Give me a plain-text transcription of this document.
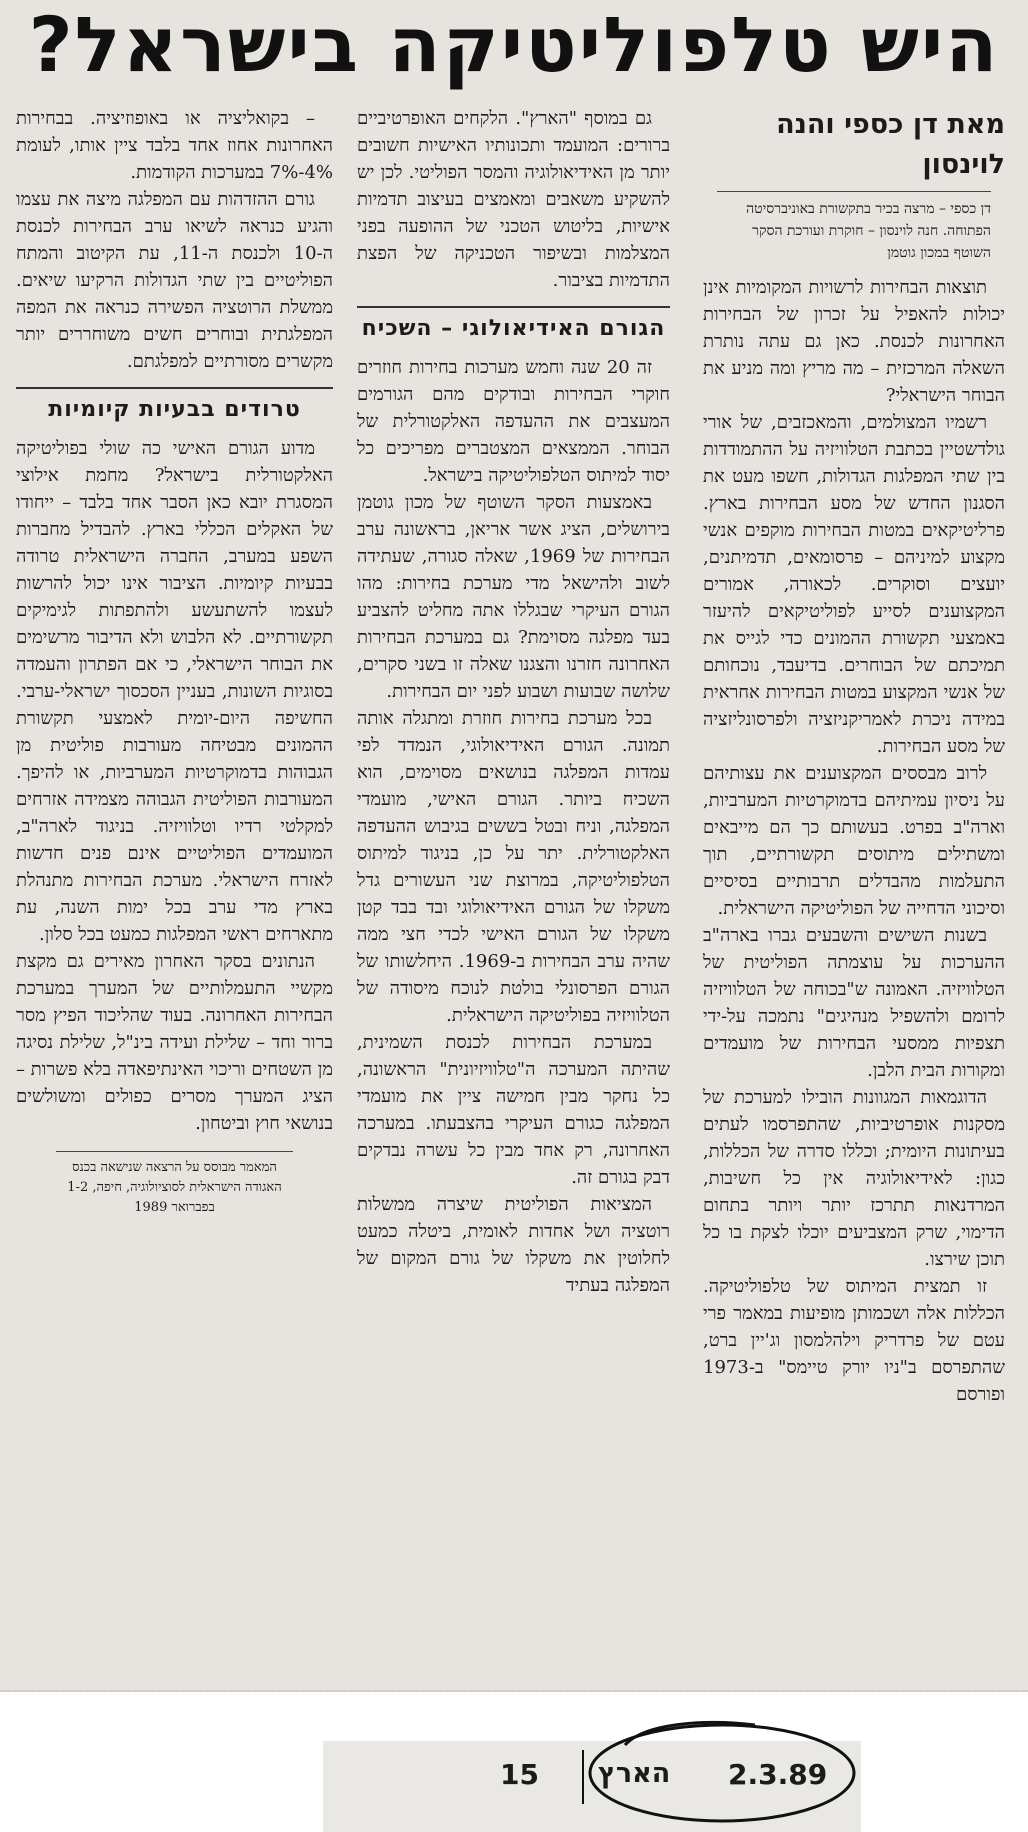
היש טלפוליטיקה בישראל?
מאת דן כספי והנה לוינסון
דן כספי – מרצה בכיר בתקשורת באוניברסיטה הפתוחה. חנה לוינסון – חוקרת ועורכת הסקר השוטף במכון גוטמן

תוצאות הבחירות לרשויות המקומיות אינן יכולות להאפיל על זכרון של הבחירות האחרונות לכנסת. כאן גם עתה נותרת השאלה המרכזית – מה מריץ ומה מניע את הבוחר הישראלי?

רשמיו המצולמים, והמאכזבים, של אורי גולדשטיין בכתבת הטלוויזיה על ההתמודדות בין שתי המפלגות הגדולות, חשפו מעט את הסגנון החדש של מסע הבחירות בארץ. פרליטיקאים במטות הבחירות מוקפים אנשי מקצוע למיניהם – פרסומאים, תדמיתנים, יועצים וסוקרים. לכאורה, אמורים המקצוענים לסייע לפוליטיקאים להיעזר באמצעי תקשורת ההמונים כדי לגייס את תמיכתם של הבוחרים. בדיעבד, נוכחותם של אנשי המקצוע במטות הבחירות אחראית במידה ניכרת לאמריקניזציה ולפרסונליזציה של מסע הבחירות.

לרוב מבססים המקצוענים את עצותיהם על ניסיון עמיתיהם בדמוקרטיות המערביות, וארה"ב בפרט. בעשותם כך הם מייבאים ומשתילים מיתוסים תקשורתיים, תוך התעלמות מהבדלים תרבותיים בסיסיים וסיכוני הדחייה של הפוליטיקה הישראלית.

בשנות השישים והשבעים גברו בארה"ב ההערכות על עוצמתה הפוליטית של הטלוויזיה. האמונה ש"בכוחה של הטלוויזיה לרומם ולהשפיל מנהיגים" נתמכה על-ידי תצפיות ממסעי הבחירות של מועמדים ומקורות הבית הלבן.

הדוגמאות המגוונות הובילו למערכת של מסקנות אופרטיביות, שהתפרסמו לעתים בעיתונות היומית; וכללו סדרה של הכללות, כגון: לאידיאולוגיה אין כל חשיבות, המרדנאות תתרכז יותר ויותר בתחום הדימוי, שרק המצביעים יוכלו לצקת בו כל תוכן שירצו.

זו תמצית המיתוס של טלפוליטיקה. הכללות אלה ושכמותן מופיעות במאמר פרי עטם של פרדריק וילהלמסון וג'יין ברט, שהתפרסם ב"ניו יורק טיימס" ב-1973 ופורסם

גם במוסף "הארץ". הלקחים האופרטיביים ברורים: המועמד ותכונותיו האישיות חשובים יותר מן האידיאולוגיה והמסר הפוליטי. לכן יש להשקיע משאבים ומאמצים בעיצוב תדמיות אישיות, בליטוש הטכני של ההופעה בפני המצלמות ובשיפור הטכניקה של הפצת התדמיות בציבור.

הגורם האידיאולוגי – השכיח

זה 20 שנה וחמש מערכות בחירות חוזרים חוקרי הבחירות ובודקים מהם הגורמים המעצבים את ההעדפה האלקטורלית של הבוחר. הממצאים המצטברים מפריכים כל יסוד למיתוס הטלפוליטיקה בישראל.

באמצעות הסקר השוטף של מכון גוטמן בירושלים, הציג אשר אריאן, בראשונה ערב הבחירות של 1969, שאלה סגורה, שעתידה לשוב ולהישאל מדי מערכת בחירות: מהו הגורם העיקרי שבגללו אתה מחליט להצביע בעד מפלגה מסוימת? גם במערכת הבחירות האחרונה חזרנו והצגנו שאלה זו בשני סקרים, שלושה שבועות ושבוע לפני יום הבחירות.

בכל מערכת בחירות חוזרת ומתגלה אותה תמונה. הגורם האידיאולוגי, הנמדד לפי עמדות המפלגה בנושאים מסוימים, הוא השכיח ביותר. הגורם האישי, מועמדי המפלגה, וניח ובטל בששים בגיבוש ההעדפה האלקטורלית. יתר על כן, בניגוד למיתוס הטלפוליטיקה, במרוצת שני העשורים גדל משקלו של הגורם האידיאולוגי ובד בבד קטן משקלו של הגורם האישי לכדי חצי ממה שהיה ערב הבחירות ב-1969. היחלשותו של הגורם הפרסונלי בולטת לנוכח מיסודה של הטלוויזיה בפוליטיקה הישראלית.

במערכת הבחירות לכנסת השמינית, שהיתה המערכה ה"טלוויזיונית" הראשונה, כל נחקר מבין חמישה ציין את מועמדי המפלגה כגורם העיקרי בהצבעתו. במערכה האחרונה, רק אחד מבין כל עשרה נבדקים דבק בגורם זה.

המציאות הפוליטית שיצרה ממשלות רוטציה ושל אחדות לאומית, ביטלה כמעט לחלוטין את משקלו של גורם המקום של המפלגה בעתיד

– בקואליציה או באופוזיציה. בבחירות האחרונות אחוז אחד בלבד ציין אותו, לעומת 4%-7% במערכות הקודמות.

גורם ההזדהות עם המפלגה מיצה את עצמו והגיע כנראה לשיאו ערב הבחירות לכנסת ה-10 ולכנסת ה-11, עת הקיטוב והמתח הפוליטיים בין שתי הגדולות הרקיעו שיאים. ממשלת הרוטציה הפשירה כנראה את המפה המפלגתית ובוחרים חשים משוחררים יותר מקשרים מסורתיים למפלגתם.

טרודים בבעיות קיומיות

מדוע הגורם האישי כה שולי בפוליטיקה האלקטורלית בישראל? מחמת אילוצי המסגרת יובא כאן הסבר אחד בלבד – ייחודו של האקלים הכללי בארץ. להבדיל מחברות השפע במערב, החברה הישראלית טרודה בבעיות קיומיות. הציבור אינו יכול להרשות לעצמו להשתעשע ולהתפתות לגימיקים תקשורתיים. לא הלבוש ולא הדיבור מרשימים את הבוחר הישראלי, כי אם הפתרון והעמדה בסוגיות השונות, בעניין הסכסוך ישראלי-ערבי. החשיפה היום-יומית לאמצעי תקשורת ההמונים מבטיחה מעורבות פוליטית מן הגבוהות בדמוקרטיות המערביות, או להיפך. המעורבות הפוליטית הגבוהה מצמידה אזרחים למקלטי רדיו וטלוויזיה. בניגוד לארה"ב, המועמדים הפוליטיים אינם פנים חדשות לאזרח הישראלי. מערכת הבחירות מתנהלת בארץ מדי ערב בכל ימות השנה, עת מתארחים ראשי המפלגות כמעט בכל סלון.

הנתונים בסקר האחרון מאירים גם מקצת מקשיי התעמלותיים של המערך במערכת הבחירות האחרונה. בעוד שהליכוד הפיץ מסר ברור וחד – שלילת ועידה בינ"ל, שלילת נסיגה מן השטחים וריכוי האינתיפאדה בלא פשרות – הציג המערך מסרים כפולים ומשולשים בנושאי חוץ וביטחון.

המאמר מבוסס על הרצאה שנישאה בכנס האגודה הישראלית לסוציולוגיה, חיפה, 1-2 בפברואר 1989
15 הארץ 2.3.89
